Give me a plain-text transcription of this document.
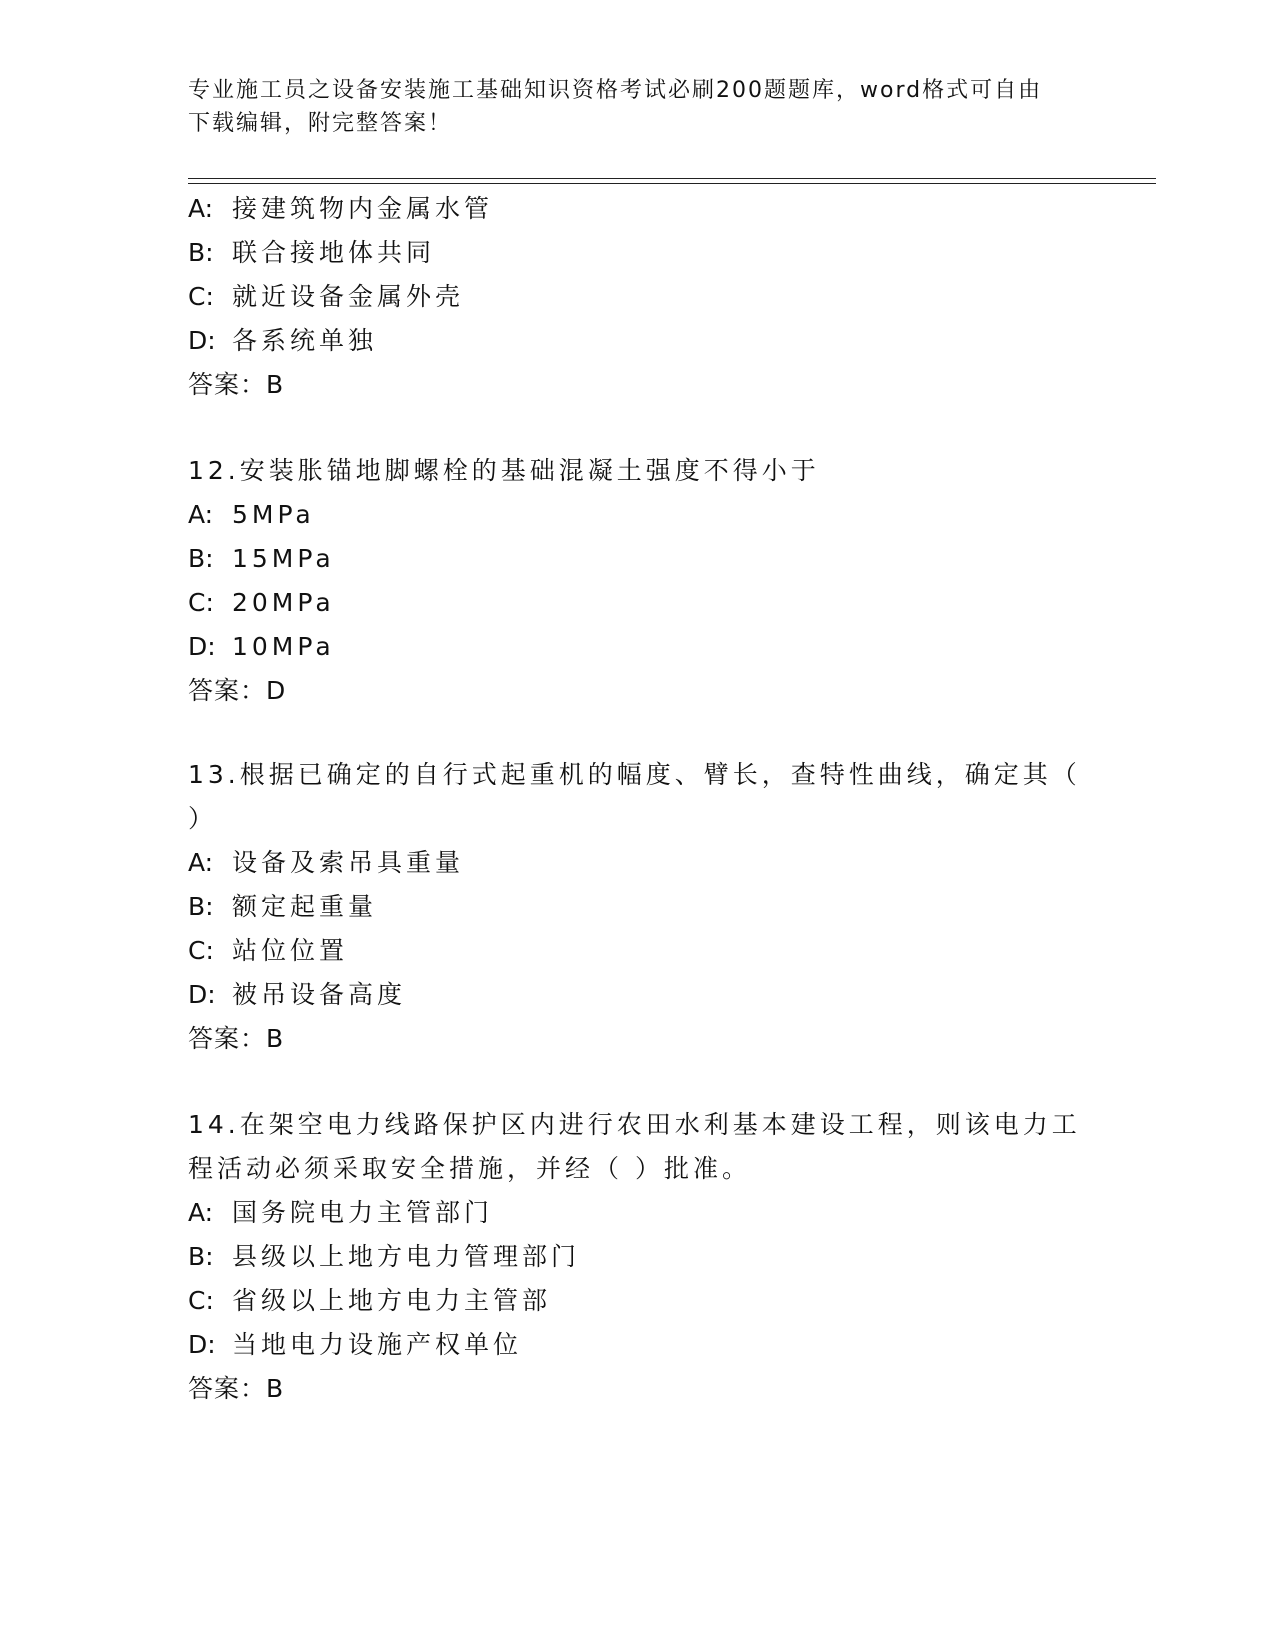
专业施工员之设备安装施工基础知识资格考试必刷200题题库，word格式可自由
下载编辑，附完整答案！
A: 接建筑物内金属水管
B: 联合接地体共同
C: 就近设备金属外壳
D: 各系统单独
答案：B
12.安装胀锚地脚螺栓的基础混凝土强度不得小于
A: 5MPa
B: 15MPa
C: 20MPa
D: 10MPa
答案：D
13.根据已确定的自行式起重机的幅度、臂长，查特性曲线，确定其（
）
A: 设备及索吊具重量
B: 额定起重量
C: 站位位置
D: 被吊设备高度
答案：B
14.在架空电力线路保护区内进行农田水利基本建设工程，则该电力工
程活动必须采取安全措施，并经（ ）批准。
A: 国务院电力主管部门
B: 县级以上地方电力管理部门
C: 省级以上地方电力主管部
D: 当地电力设施产权单位
答案：B
